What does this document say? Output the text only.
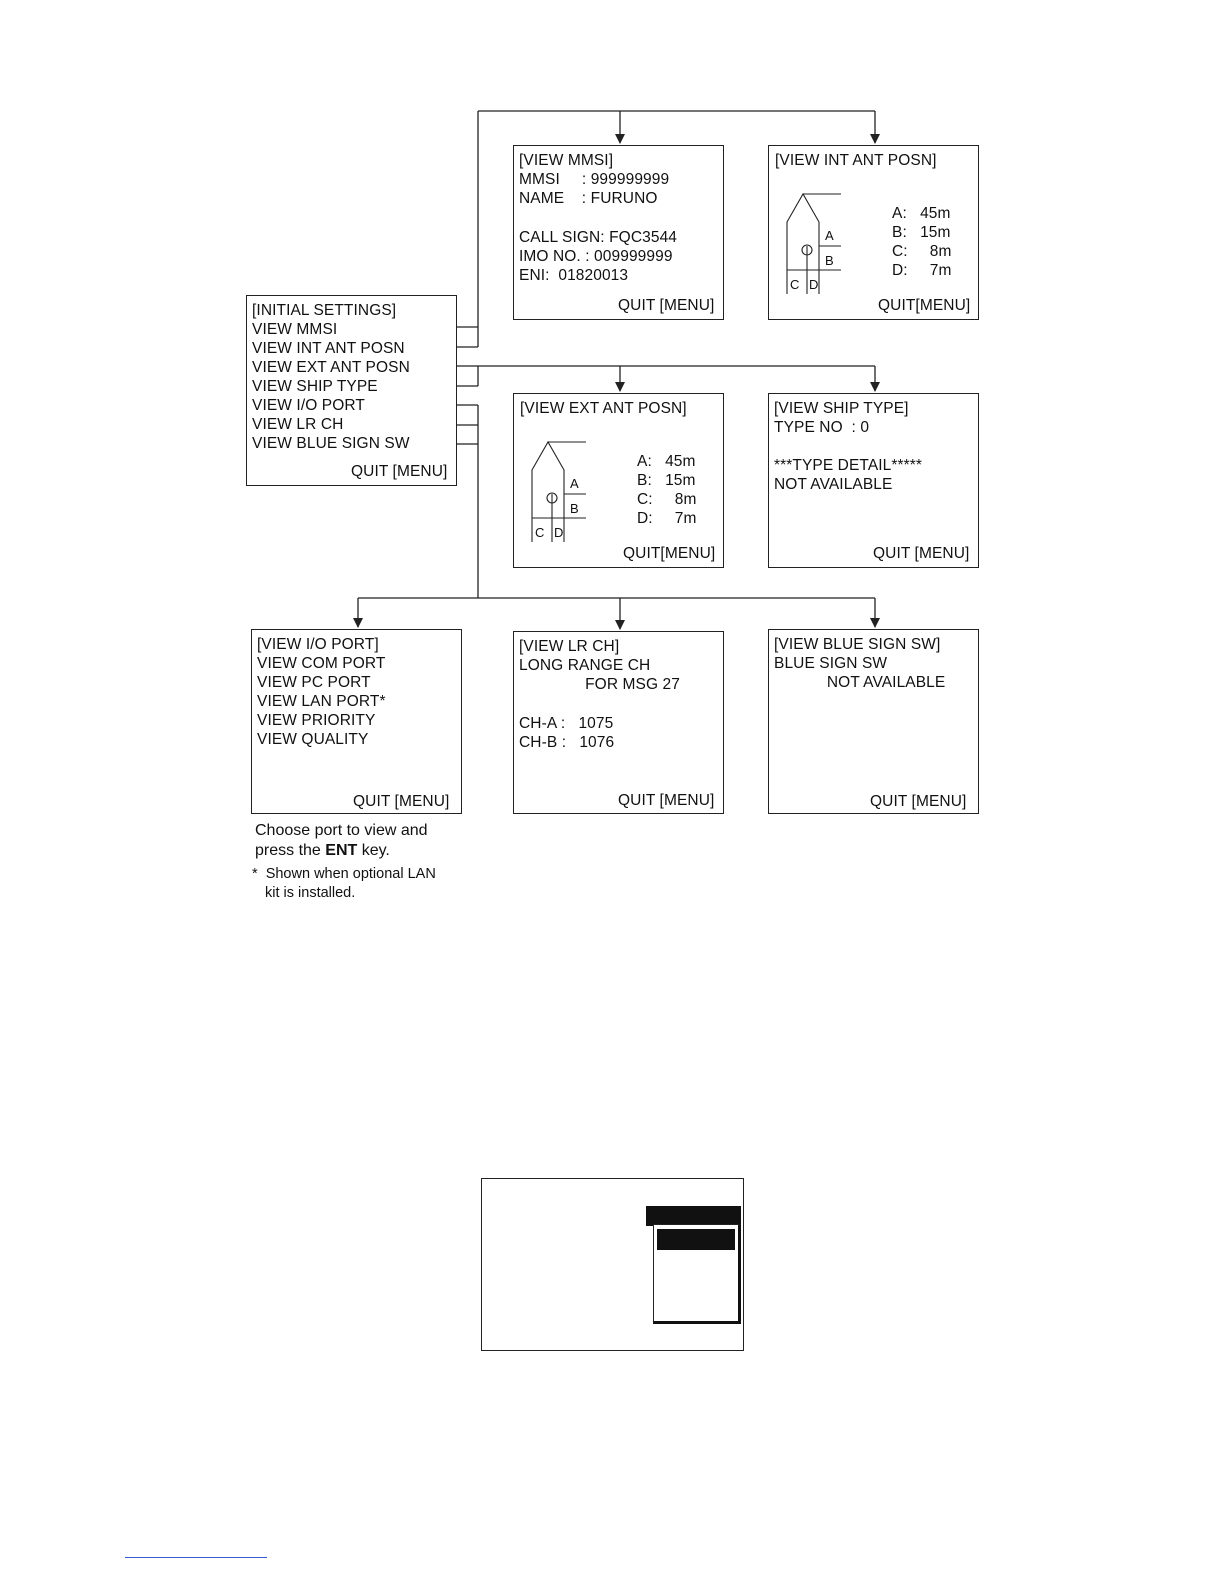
[INITIAL SETTINGS]
VIEW MMSI
VIEW INT ANT POSN
VIEW EXT ANT POSN
VIEW SHIP TYPE
VIEW I/O PORT
VIEW LR CH
VIEW BLUE SIGN SW
QUIT [MENU]
[VIEW MMSI]
MMSI     : 999999999
NAME    : FURUNO
CALL SIGN: FQC3544
IMO NO. : 009999999
ENI:  01820013
QUIT [MENU]
[VIEW INT ANT POSN]
A
B
C D
A:   45m
B:   15m
C:     8m
D:     7m
QUIT[MENU]
[VIEW EXT ANT POSN]
A
B
C D
A:   45m
B:   15m
C:     8m
D:     7m
QUIT[MENU]
[VIEW SHIP TYPE]
TYPE NO  : 0
***TYPE DETAIL*****
NOT AVAILABLE
QUIT [MENU]
[VIEW I/O PORT]
VIEW COM PORT
VIEW PC PORT
VIEW LAN PORT*
VIEW PRIORITY
VIEW QUALITY
QUIT [MENU]
[VIEW LR CH]
LONG RANGE CH
FOR MSG 27
CH-A :   1075
CH-B :   1076
QUIT [MENU]
[VIEW BLUE SIGN SW]
BLUE SIGN SW
NOT AVAILABLE
QUIT [MENU]
Choose port to view and
press the ENT key.
*  Shown when optional LAN
kit is installed.
